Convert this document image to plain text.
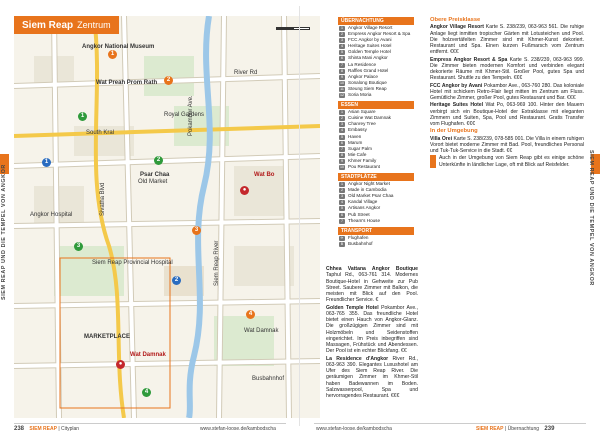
SIEM REAP UND DIE TEMPEL VON ANGKOR
Siem Reap Zentrum
Angkor National Museum
Wat Preah Prom Rath
Royal Gardens
South Kral
Psar Chaa
Old Market
Angkor Hospital
Wat Bo
Wat Damnak
MARKETPLACE
Siem Reap Provincial Hospital
Wat Damnak
Siem Reap River
Busbahnhof
Sivatha Blvd
Pokambor Ave.
River Rd
1
2
1
2
1
●
3
3
2
4
●
4
ÜBERNACHTUNG
1	Angkor Village Resort
2	Empress Angkor Resort & Spa
3	FCC Angkor by Avani
4	Heritage Suites Hotel
5	Golden Temple Hotel
6	Shinta Mani Angkor
7	La Residence
8	Raffles Grand Hotel
9	Angkor Palace
10 Sonalong Boutique
11 Steung Siem Reap
12 Soria Moria
ESSEN
1	Asian Square
2	Cuisine Wat Damnak
3	Chanrey Tree
4	Embassy
5	Haven
6	Marum
7	Sugar Palm
8	Mie Cafe
9	Khmer Family
10 Pou Restaurant
STADTPLÄTZE
1	Angkor Night Market
2	Made in Cambodia
3	Old Market Psar Chaa
4	Kandal Village
5	Artisans Angkor
6	Pub Street
7	Theam's House
TRANSPORT
✈ Flughafen
B	Busbahnhof	SIEM REAP UND DIE TEMPEL VON ANGKOR

Chhea Vattana Angkor Boutique Taphul Rd., 063-761 314. Modernes Boutique-Hotel in Gehweite zur Pub Street. Saubere Zimmer mit Balkon, die meisten mit Blick auf den Pool. Freundlicher Service. €

Golden Temple Hotel Pokambor Ave., 063-765 355. Das freundliche Hotel bietet einen Hauch von Angkor-Glanz. Die großzügigen Zimmer sind mit Holzmöbeln und Seidenstoffen eingerichtet. Im Preis inbegriffen sind Massagen, Frühstück und Abendessen. Der Pool ist ein echter Blickfang. €€

La Residence d'Angkor River Rd., 063-963 390. Elegantes Luxushotel am Ufer des Siem Reap River. Die geräumigen Zimmer im Khmer-Stil haben Badewannen im Boden. Salzwasserpool, Spa und hervorragendes Restaurant. €€€

Obere Preisklasse

Angkor Village Resort Karte S. 238/239, 063-963 561. Die ruhige Anlage liegt inmitten tropischer Gärten mit Lotusteichen und Pool. Die holzvertäfelten Zimmer sind mit Khmer-Kunst dekoriert. Restaurant und Spa. Einen kurzen Fußmarsch vom Zentrum entfernt. €€€

Empress Angkor Resort & Spa Karte S. 238/239, 063-963 999. Die Zimmer bieten modernen Komfort und verbinden elegant dekorierte Räume mit Khmer-Stil. Großer Pool, gutes Spa und Restaurant. Shuttle zu den Tempeln. €€€

FCC Angkor by Avani Pokambor Ave., 063-760 280. Das koloniale Hotel mit schickem Retro-Flair liegt mitten im Zentrum am Fluss. Gemütliche Zimmer, großer Pool, gutes Restaurant und Bar. €€€

Heritage Suites Hotel Wat Po, 063-969 100. Hinter den Mauern verbirgt sich ein Boutique-Hotel der Extraklasse mit eleganten Zimmern und Suiten, Spa, Pool und Restaurant. Gratis Transfer vom Flughafen. €€€

In der Umgebung

Villa Orei Karte S. 238/239, 078-585 001. Die Villa in einem ruhigen Vorort bietet moderne Zimmer mit Bad. Pool, freundliches Personal und Tuk-Tuk-Service in die Stadt. €€

Auch in der Umgebung von Siem Reap gibt es einige schöne Unterkünfte in ländlicher Lage, oft mit Blick auf Reisfelder.

238 SIEM REAP | Cityplan	www.stefan-loose.de/kambodscha	www.stefan-loose.de/kambodscha	SIEM REAP | Übernachtung 239
